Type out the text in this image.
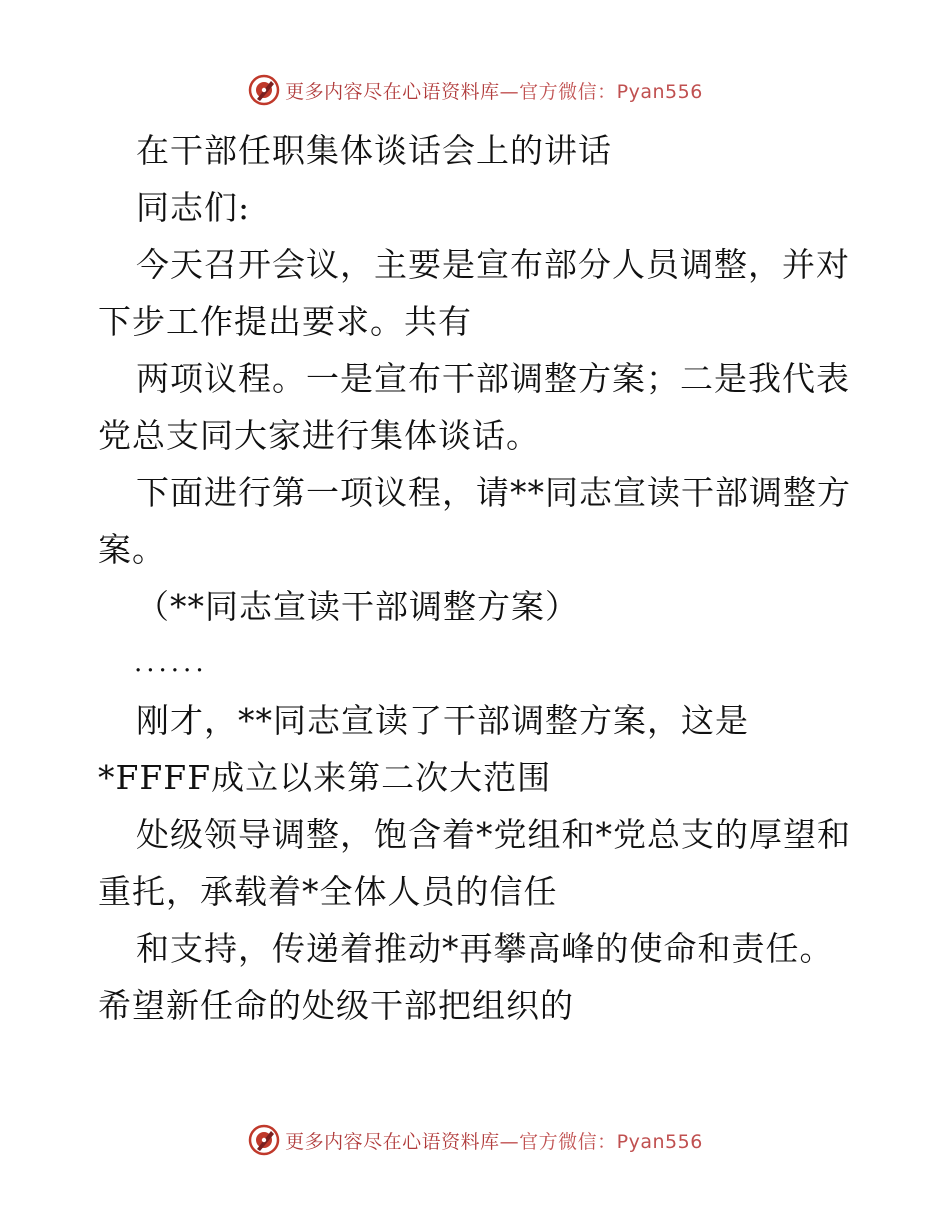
更多内容尽在心语资料库—官方微信：Pyan556

在干部任职集体谈话会上的讲话

同志们:

今天召开会议，主要是宣布部分人员调整，并对下步工作提出要求。共有

两项议程。一是宣布干部调整方案；二是我代表党总支同大家进行集体谈话。

下面进行第一项议程，请**同志宣读干部调整方案。

（**同志宣读干部调整方案）

......

刚才，**同志宣读了干部调整方案，这是*FFFF成立以来第二次大范围

处级领导调整，饱含着*党组和*党总支的厚望和重托，承载着*全体人员的信任

和支持，传递着推动*再攀高峰的使命和责任。希望新任命的处级干部把组织的

更多内容尽在心语资料库—官方微信：Pyan556
